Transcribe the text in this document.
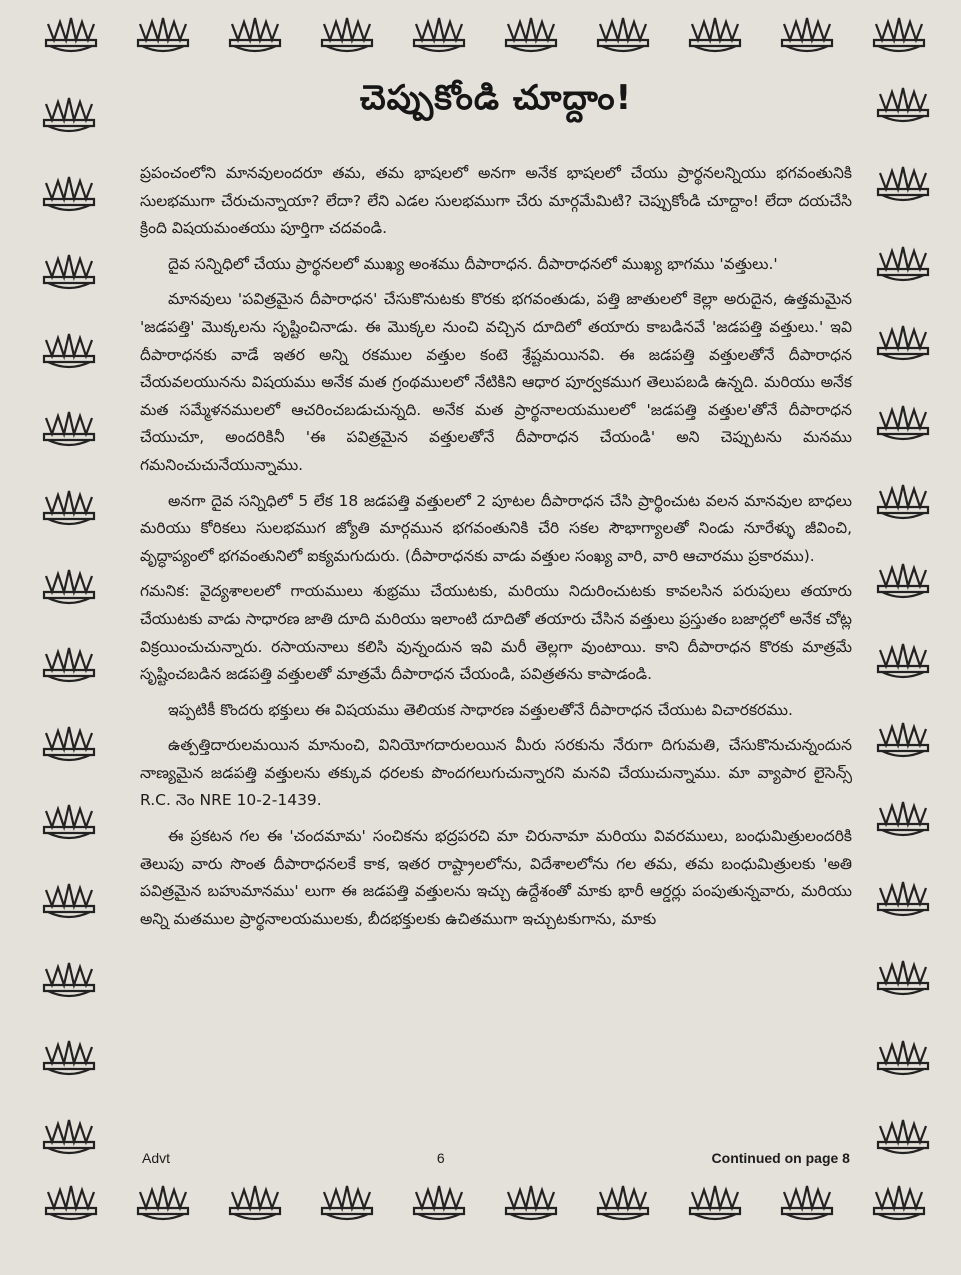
చెప్పుకోండి చూద్దాం!

ప్రపంచంలోని మానవులందరూ తమ, తమ భాషలలో అనగా అనేక భాషలలో చేయు ప్రార్థనలన్నియు భగవంతునికి సులభముగా చేరుచున్నాయా? లేదా? లేని ఎడల సులభముగా చేరు మార్గమేమిటి? చెప్పుకోండి చూద్దాం! లేదా దయచేసి క్రింది విషయమంతయు పూర్తిగా చదవండి.

దైవ సన్నిధిలో చేయు ప్రార్థనలలో ముఖ్య అంశము దీపారాధన. దీపారాధనలో ముఖ్య భాగము 'వత్తులు.'

మానవులు 'పవిత్రమైన దీపారాధన' చేసుకొనుటకు కొరకు భగవంతుడు, పత్తి జాతులలో కెల్లా అరుదైన, ఉత్తమమైన 'జడపత్తి' మొక్కలను సృష్టించినాడు. ఈ మొక్కల నుంచి వచ్చిన దూదిలో తయారు కాబడినవే 'జడపత్తి వత్తులు.' ఇవి దీపారాధనకు వాడే ఇతర అన్ని రకముల వత్తుల కంటె శ్రేష్టమయినవి. ఈ జడపత్తి వత్తులతోనే దీపారాధన చేయవలయునను విషయము అనేక మత గ్రంథములలో నేటికిని ఆధార పూర్వకముగ తెలుపబడి ఉన్నది. మరియు అనేక మత సమ్మేళనములలో ఆచరించబడుచున్నది. అనేక మత ప్రార్థనాలయములలో 'జడపత్తి వత్తుల'తోనే దీపారాధన చేయుచూ, అందరికినీ 'ఈ పవిత్రమైన వత్తులతోనే దీపారాధన చేయండి' అని చెప్పుటను మనము గమనించుచునేయున్నాము.

అనగా దైవ సన్నిధిలో 5 లేక 18 జడపత్తి వత్తులలో 2 పూటల దీపారాధన చేసి ప్రార్థించుట వలన మానవుల బాధలు మరియు కోరికలు సులభముగ జ్యోతి మార్గమున భగవంతునికి చేరి సకల సౌభాగ్యాలతో నిండు నూరేళ్ళు జీవించి, వృద్ధాప్యంలో భగవంతునిలో ఐక్యమగుదురు. (దీపారాధనకు వాడు వత్తుల సంఖ్య వారి, వారి ఆచారము ప్రకారము).

గమనిక: వైద్యశాలలలో గాయములు శుభ్రము చేయుటకు, మరియు నిదురించుటకు కావలసిన పరుపులు తయారు చేయుటకు వాడు సాధారణ జాతి దూది మరియు ఇలాంటి దూదితో తయారు చేసిన వత్తులు ప్రస్తుతం బజార్లలో అనేక చోట్ల విక్రయించుచున్నారు. రసాయనాలు కలిసి వున్నందున ఇవి మరీ తెల్లగా వుంటాయి. కాని దీపారాధన కొరకు మాత్రమే సృష్టించబడిన జడపత్తి వత్తులతో మాత్రమే దీపారాధన చేయండి, పవిత్రతను కాపాడండి.

ఇప్పటికీ కొందరు భక్తులు ఈ విషయము తెలియక సాధారణ వత్తులతోనే దీపారాధన చేయుట విచారకరము.

ఉత్పత్తిదారులమయిన మానుంచి, వినియోగదారులయిన మీరు సరకును నేరుగా దిగుమతి, చేసుకొనుచున్నందున నాణ్యమైన జడపత్తి వత్తులను తక్కువ ధరలకు పొందగలుగుచున్నారని మనవి చేయుచున్నాము. మా వ్యాపార లైసెన్స్ R.C. నెం NRE 10-2-1439.

ఈ ప్రకటన గల ఈ 'చందమామ' సంచికను భద్రపరచి మా చిరునామా మరియు వివరములు, బంధుమిత్రులందరికి తెలుపు వారు సొంత దీపారాధనలకే కాక, ఇతర రాష్ట్రాలలోను, విదేశాలలోను గల తమ, తమ బంధుమిత్రులకు 'అతి పవిత్రమైన బహుమానము' లుగా ఈ జడపత్తి వత్తులను ఇచ్చు ఉద్దేశంతో మాకు భారీ ఆర్డర్లు పంపుతున్నవారు, మరియు అన్ని మతముల ప్రార్థనాలయములకు, బీదభక్తులకు ఉచితముగా ఇచ్చుటకుగాను, మాకు

Advt	6	Continued on page 8
